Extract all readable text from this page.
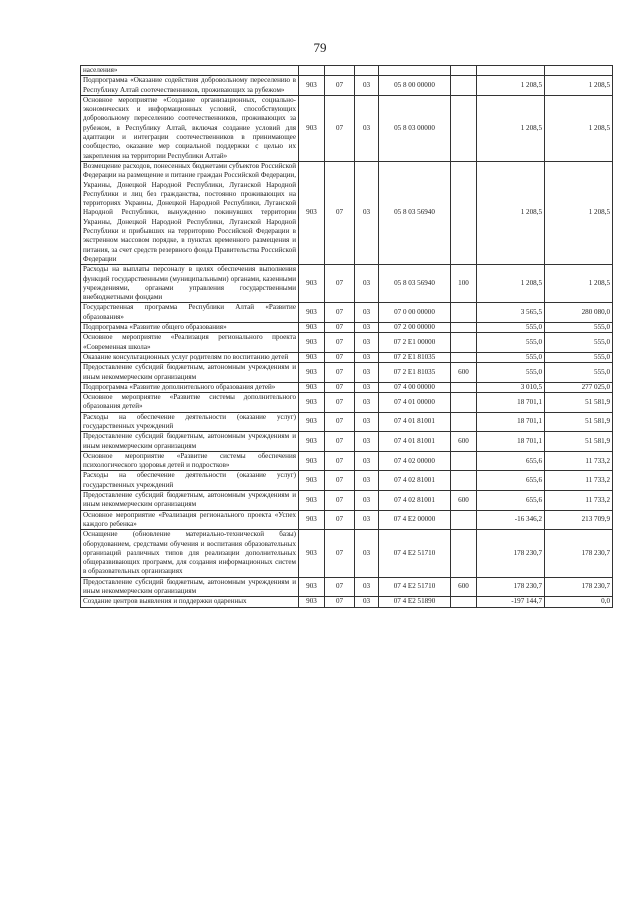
79
населения»							
Подпрограмма «Оказание содействия добровольному переселению в Республику Алтай соотечественников, проживающих за рубежом»	903	07	03	05 8 00 00000		1 208,5	1 208,5
Основное мероприятие «Создание организационных, социально-экономических и информационных условий, способствующих добровольному переселению соотечественников, проживающих за рубежом, в Республику Алтай, включая создание условий для адаптации и интеграции соотечественников в принимающее сообщество, оказание мер социальной поддержки с целью их закрепления на территории Республики Алтай»	903	07	03	05 8 03 00000		1 208,5	1 208,5
Возмещение расходов, понесенных бюджетами субъектов Российской Федерации на размещение и питание граждан Российской Федерации, Украины, Донецкой Народной Республики, Луганской Народной Республики и лиц без гражданства, постоянно проживающих на территориях Украины, Донецкой Народной Республики, Луганской Народной Республики, вынужденно покинувших территории Украины, Донецкой Народной Республики, Луганской Народной Республики и прибывших на территорию Российской Федерации в экстренном массовом порядке, в пунктах временного размещения и питания, за счет средств резервного фонда Правительства Российской Федерации	903	07	03	05 8 03 56940		1 208,5	1 208,5
Расходы на выплаты персоналу в целях обеспечения выполнения функций государственными (муниципальными) органами, казенными учреждениями, органами управления государственными внебюджетными фондами	903	07	03	05 8 03 56940	100	1 208,5	1 208,5
Государственная программа Республики Алтай «Развитие образования»	903	07	03	07 0 00 00000		3 565,5	280 080,0
Подпрограмма «Развитие общего образования»	903	07	03	07 2 00 00000		555,0	555,0
Основное мероприятие «Реализация регионального проекта «Современная школа»	903	07	03	07 2 E1 00000		555,0	555,0
Оказание консультационных услуг родителям по воспитанию детей	903	07	03	07 2 E1 81035		555,0	555,0
Предоставление субсидий бюджетным, автономным учреждениям и иным некоммерческим организациям	903	07	03	07 2 E1 81035	600	555,0	555,0
Подпрограмма «Развитие дополнительного образования детей»	903	07	03	07 4 00 00000		3 010,5	277 025,0
Основное мероприятие «Развитие системы дополнительного образования детей»	903	07	03	07 4 01 00000		18 701,1	51 581,9
Расходы на обеспечение деятельности (оказание услуг) государственных учреждений	903	07	03	07 4 01 81001		18 701,1	51 581,9
Предоставление субсидий бюджетным, автономным учреждениям и иным некоммерческим организациям	903	07	03	07 4 01 81001	600	18 701,1	51 581,9
Основное мероприятие «Развитие системы обеспечения психологического здоровья детей и подростков»	903	07	03	07 4 02 00000		655,6	11 733,2
Расходы на обеспечение деятельности (оказание услуг) государственных учреждений	903	07	03	07 4 02 81001		655,6	11 733,2
Предоставление субсидий бюджетным, автономным учреждениям и иным некоммерческим организациям	903	07	03	07 4 02 81001	600	655,6	11 733,2
Основное мероприятие «Реализация регионального проекта «Успех каждого ребенка»	903	07	03	07 4 E2 00000		-16 346,2	213 709,9
Оснащение (обновление материально-технической базы) оборудованием, средствами обучения и воспитания образовательных организаций различных типов для реализации дополнительных общеразвивающих программ, для создания информационных систем в образовательных организациях	903	07	03	07 4 E2 51710		178 230,7	178 230,7
Предоставление субсидий бюджетным, автономным учреждениям и иным некоммерческим организациям	903	07	03	07 4 E2 51710	600	178 230,7	178 230,7
Создание центров выявления и поддержки одаренных	903	07	03	07 4 E2 51890		-197 144,7	0,0
